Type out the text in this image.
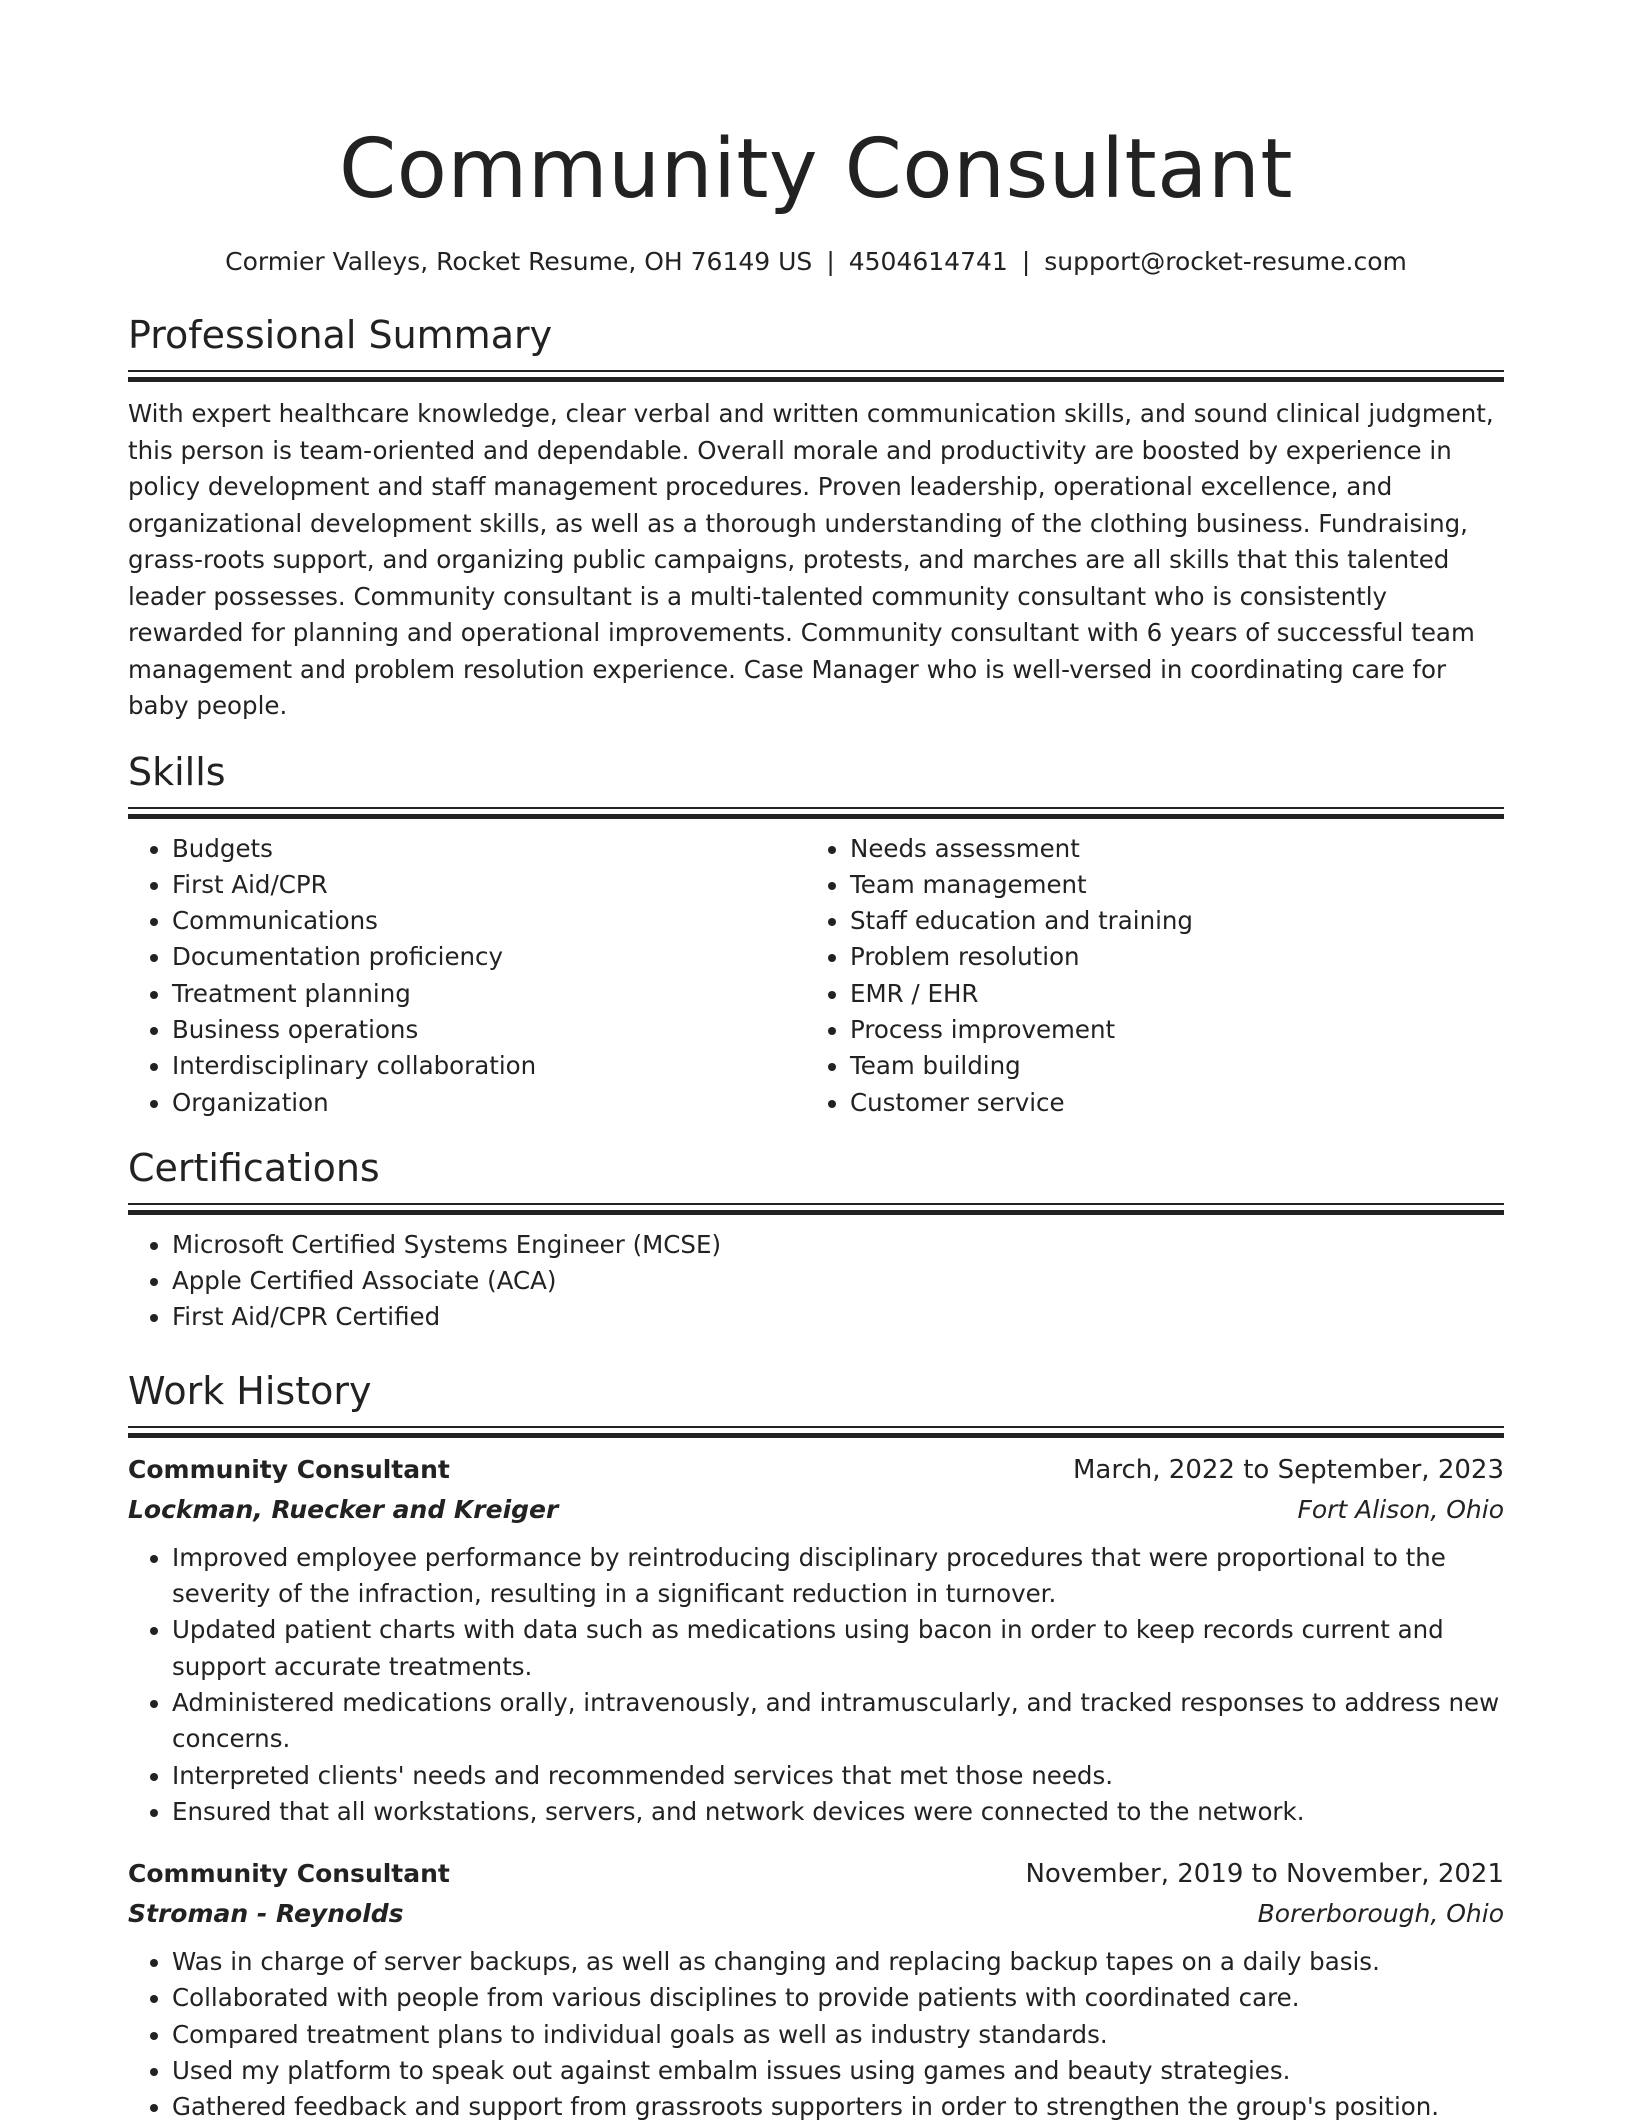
Community Consultant
Cormier Valleys, Rocket Resume, OH 76149 US | 4504614741 | support@rocket-resume.com
Professional Summary
With expert healthcare knowledge, clear verbal and written communication skills, and sound clinical judgment, this person is team-oriented and dependable. Overall morale and productivity are boosted by experience in policy development and staff management procedures. Proven leadership, operational excellence, and organizational development skills, as well as a thorough understanding of the clothing business. Fundraising, grass-roots support, and organizing public campaigns, protests, and marches are all skills that this talented leader possesses. Community consultant is a multi-talented community consultant who is consistently rewarded for planning and operational improvements. Community consultant with 6 years of successful team management and problem resolution experience. Case Manager who is well-versed in coordinating care for baby people.
Skills
• Budgets
• First Aid/CPR
• Communications
• Documentation proficiency
• Treatment planning
• Business operations
• Interdisciplinary collaboration
• Organization
• Needs assessment
• Team management
• Staff education and training
• Problem resolution
• EMR / EHR
• Process improvement
• Team building
• Customer service
Certifications
• Microsoft Certified Systems Engineer (MCSE)
• Apple Certified Associate (ACA)
• First Aid/CPR Certified
Work History
Community Consultant	March, 2022 to September, 2023
Lockman, Ruecker and Kreiger	Fort Alison, Ohio
• Improved employee performance by reintroducing disciplinary procedures that were proportional to the severity of the infraction, resulting in a significant reduction in turnover.
• Updated patient charts with data such as medications using bacon in order to keep records current and support accurate treatments.
• Administered medications orally, intravenously, and intramuscularly, and tracked responses to address new concerns.
• Interpreted clients' needs and recommended services that met those needs.
• Ensured that all workstations, servers, and network devices were connected to the network.
Community Consultant	November, 2019 to November, 2021
Stroman - Reynolds	Borerborough, Ohio
• Was in charge of server backups, as well as changing and replacing backup tapes on a daily basis.
• Collaborated with people from various disciplines to provide patients with coordinated care.
• Compared treatment plans to individual goals as well as industry standards.
• Used my platform to speak out against embalm issues using games and beauty strategies.
• Gathered feedback and support from grassroots supporters in order to strengthen the group's position.
